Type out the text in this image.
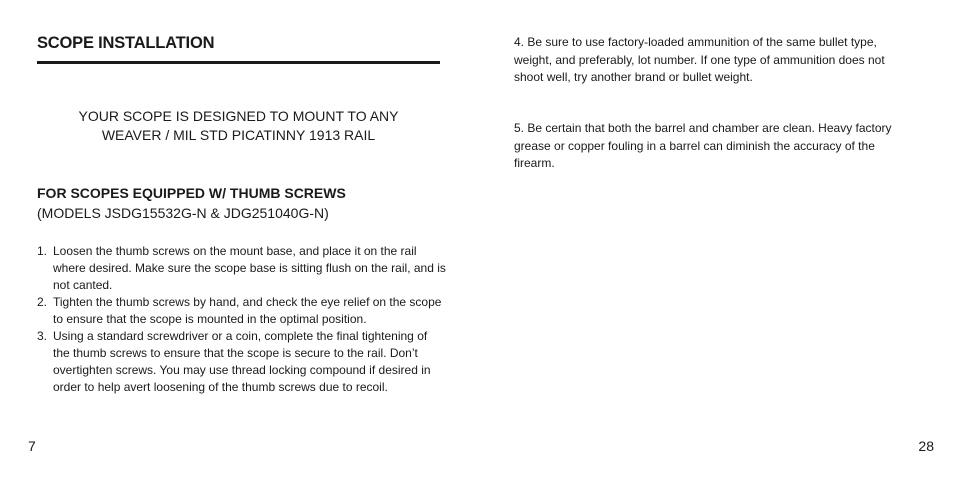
SCOPE INSTALLATION
YOUR SCOPE IS DESIGNED TO MOUNT TO ANY
WEAVER / MIL STD PICATINNY 1913 RAIL
FOR SCOPES EQUIPPED W/ THUMB SCREWS
(MODELS JSDG15532G-N & JDG251040G-N)

1. Loosen the thumb screws on the mount base, and place it on the rail where desired. Make sure the scope base is sitting flush on the rail, and is not canted.

2. Tighten the thumb screws by hand, and check the eye relief on the scope to ensure that the scope is mounted in the optimal position.

3. Using a standard screwdriver or a coin, complete the final tightening of the thumb screws to ensure that the scope is secure to the rail. Don’t overtighten screws. You may use thread locking compound if desired in order to help avert loosening of the thumb screws due to recoil.

7
4. Be sure to use factory-loaded ammunition of the same bullet type, weight, and preferably, lot number. If one type of ammunition does not shoot well, try another brand or bullet weight.
5. Be certain that both the barrel and chamber are clean. Heavy factory grease or copper fouling in a barrel can diminish the accuracy of the firearm.
28
